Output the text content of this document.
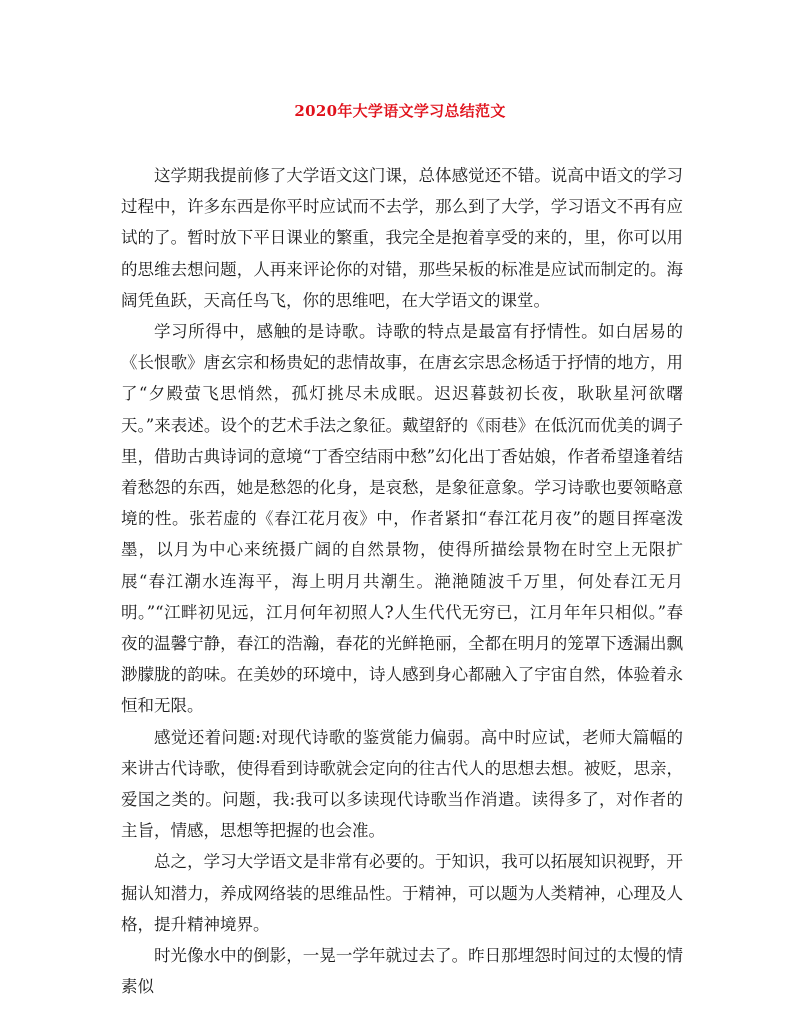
2020年大学语文学习总结范文

这学期我提前修了大学语文这门课，总体感觉还不错。说高中语文的学习过程中，许多东西是你平时应试而不去学，那么到了大学，学习语文不再有应试的了。暂时放下平日课业的繁重，我完全是抱着享受的来的，里，你可以用的思维去想问题，人再来评论你的对错，那些呆板的标准是应试而制定的。海阔凭鱼跃，天高任鸟飞，你的思维吧，在大学语文的课堂。

学习所得中，感触的是诗歌。诗歌的特点是最富有抒情性。如白居易的《长恨歌》唐玄宗和杨贵妃的悲情故事，在唐玄宗思念杨适于抒情的地方，用了“夕殿萤飞思悄然，孤灯挑尽未成眠。迟迟暮鼓初长夜，耿耿星河欲曙天。”来表述。设个的艺术手法之象征。戴望舒的《雨巷》在低沉而优美的调子里，借助古典诗词的意境“丁香空结雨中愁”幻化出丁香姑娘，作者希望逢着结着愁怨的东西，她是愁怨的化身，是哀愁，是象征意象。学习诗歌也要领略意境的性。张若虚的《春江花月夜》中，作者紧扣“春江花月夜”的题目挥毫泼墨，以月为中心来统摄广阔的自然景物，使得所描绘景物在时空上无限扩展“春江潮水连海平，海上明月共潮生。滟滟随波千万里，何处春江无月明。”“江畔初见远，江月何年初照人?人生代代无穷已，江月年年只相似。”春夜的温馨宁静，春江的浩瀚，春花的光鲜艳丽，全都在明月的笼罩下透漏出飘渺朦胧的韵味。在美妙的环境中，诗人感到身心都融入了宇宙自然，体验着永恒和无限。

感觉还着问题:对现代诗歌的鉴赏能力偏弱。高中时应试，老师大篇幅的来讲古代诗歌，使得看到诗歌就会定向的往古代人的思想去想。被贬，思亲，爱国之类的。问题，我:我可以多读现代诗歌当作消遣。读得多了，对作者的主旨，情感，思想等把握的也会准。

总之，学习大学语文是非常有必要的。于知识，我可以拓展知识视野，开掘认知潜力，养成网络装的思维品性。于精神，可以题为人类精神，心理及人格，提升精神境界。

时光像水中的倒影，一晃一学年就过去了。昨日那埋怨时间过的太慢的情素似
